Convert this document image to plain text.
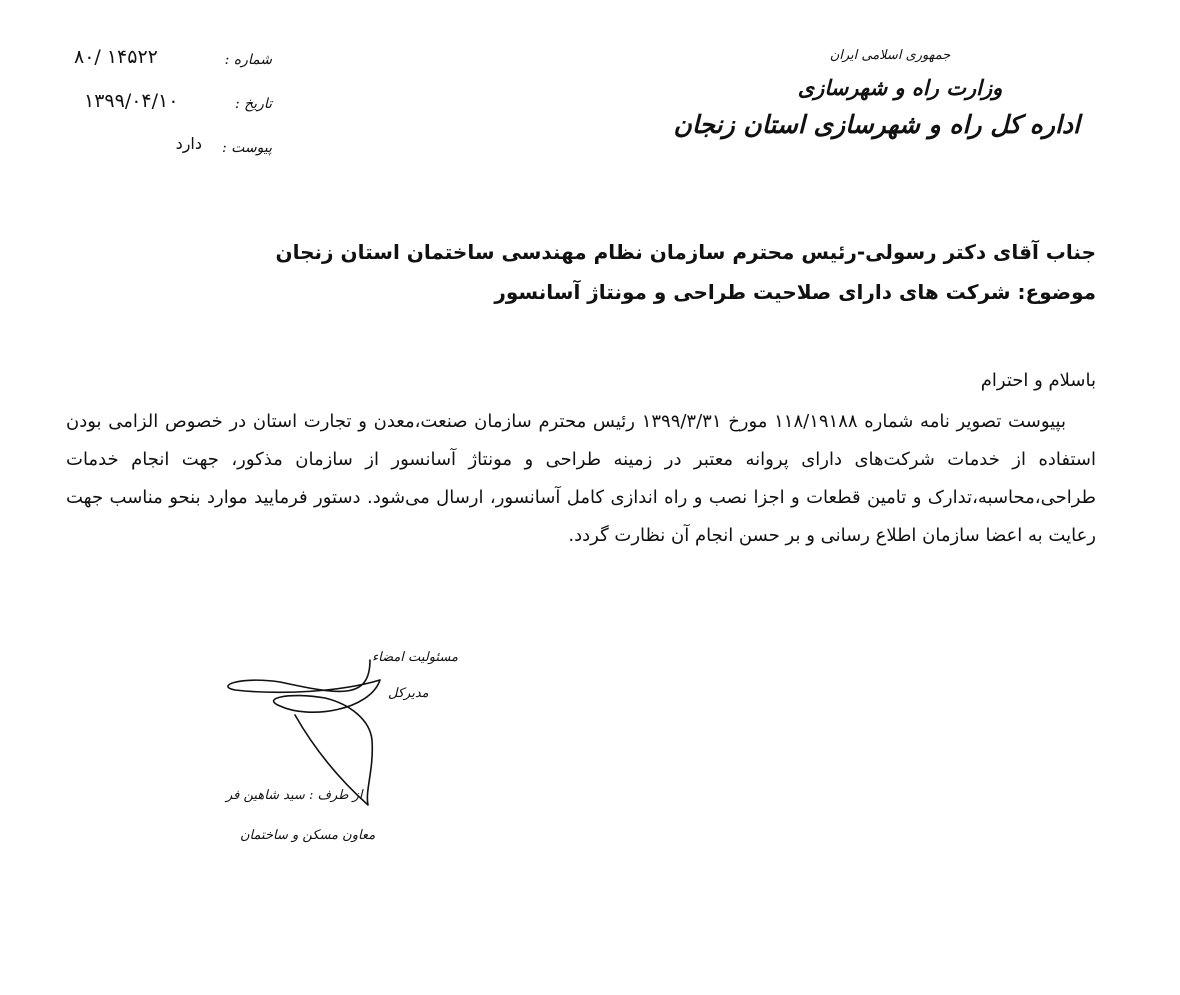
جمهوری اسلامی ایران

وزارت راه و شهرسازی

اداره کل راه و شهرسازی استان زنجان

شماره :
۸۰/ ۱۴۵۲۲
تاریخ :
۱۳۹۹/۰۴/۱۰
پیوست :
دارد

جناب آقای دکتر رسولی-رئیس محترم سازمان نظام مهندسی ساختمان استان زنجان

موضوع: شرکت های دارای صلاحیت طراحی و مونتاژ آسانسور

باسلام و احترام

بپیوست تصویر نامه شماره ۱۱۸/۱۹۱۸۸ مورخ ۱۳۹۹/۳/۳۱ رئیس محترم سازمان صنعت،معدن و تجارت استان در خصوص الزامی بودن استفاده از خدمات شرکت‌های دارای پروانه معتبر در زمینه طراحی و مونتاژ آسانسور از سازمان مذکور، جهت انجام خدمات طراحی،محاسبه،تدارک و تامین قطعات و اجزا نصب و راه اندازی کامل آسانسور، ارسال می‌شود. دستور فرمایید موارد بنحو مناسب جهت رعایت به اعضا سازمان اطلاع رسانی و بر حسن انجام آن نظارت گردد.

مسئولیت امضاء
مدیرکل
از طرف : سید شاهین فر
معاون مسکن و ساختمان
